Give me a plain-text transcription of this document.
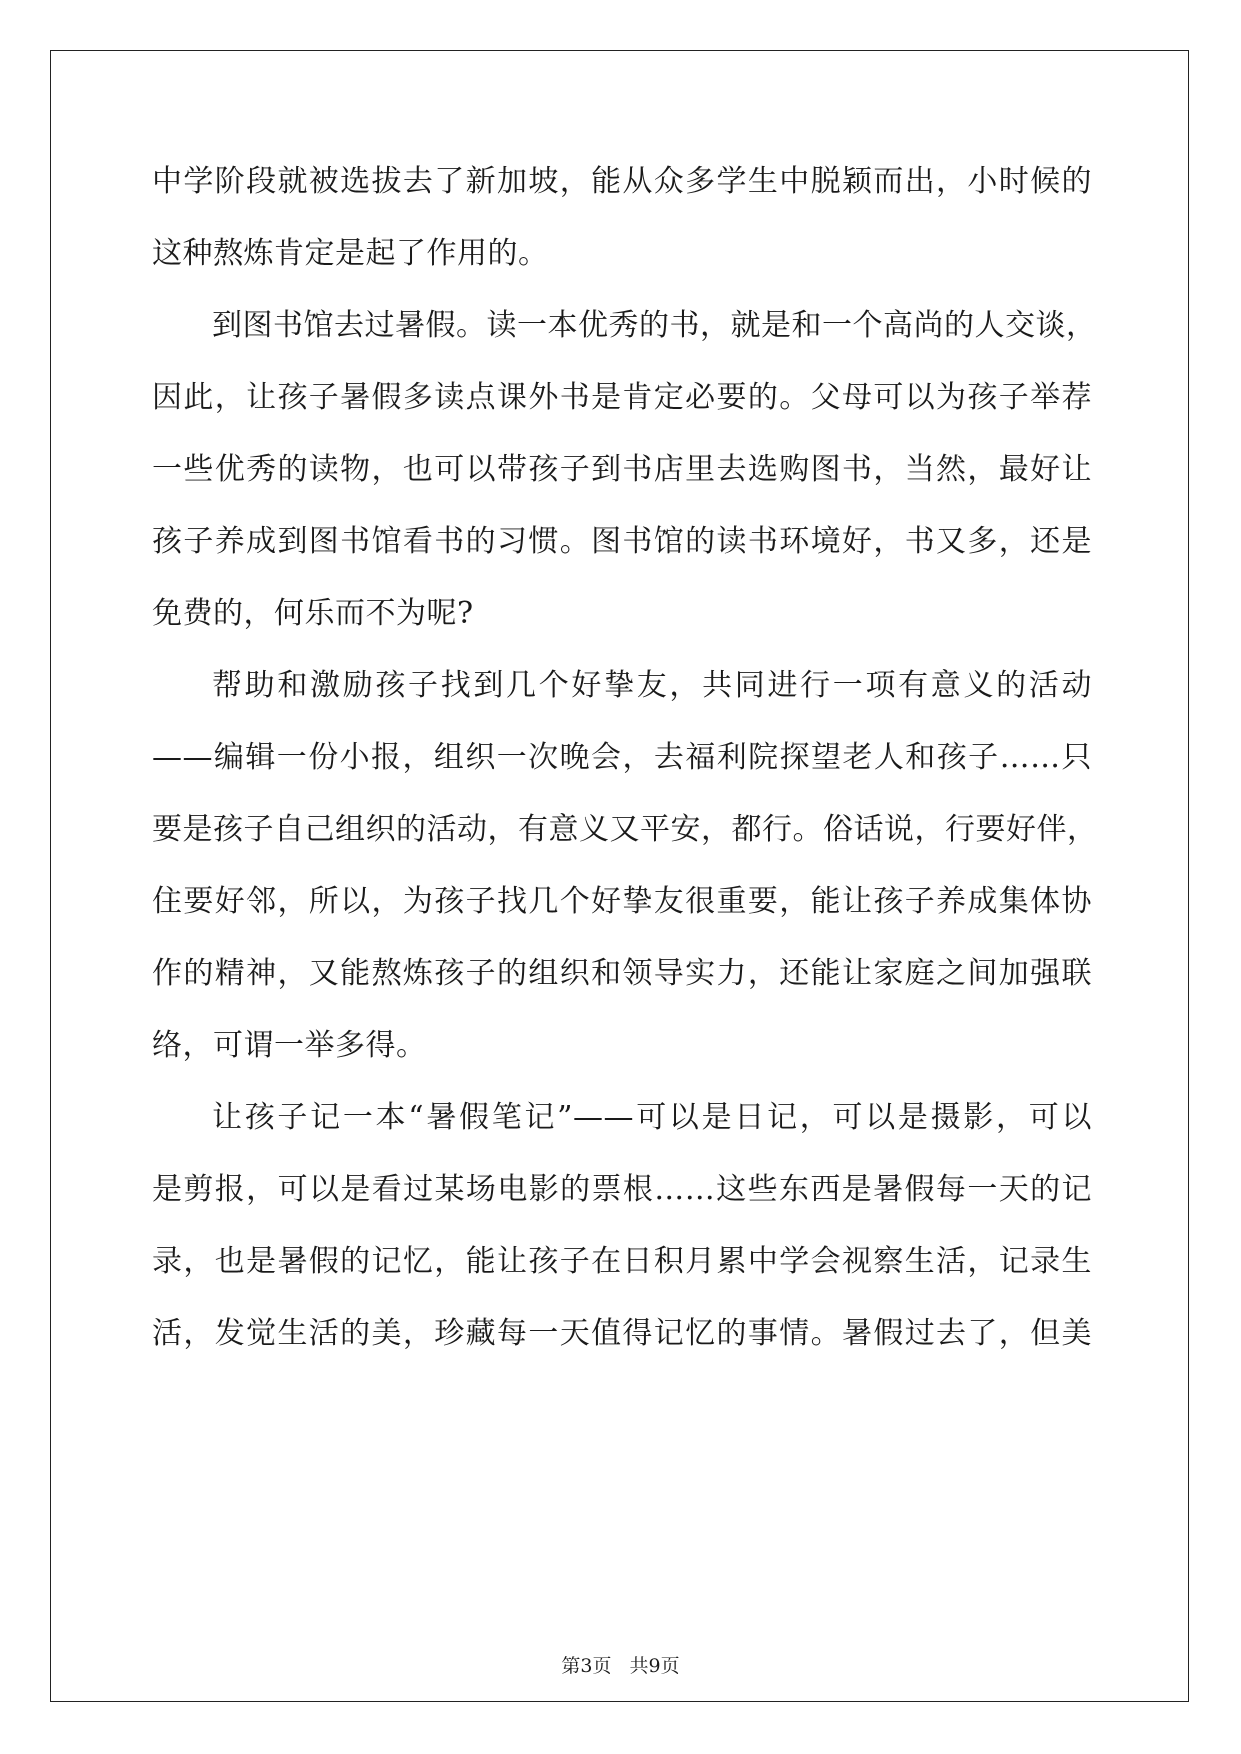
中学阶段就被选拔去了新加坡，能从众多学生中脱颖而出，小时候的
这种熬炼肯定是起了作用的。
到图书馆去过暑假。读一本优秀的书，就是和一个高尚的人交谈，
因此，让孩子暑假多读点课外书是肯定必要的。父母可以为孩子举荐
一些优秀的读物，也可以带孩子到书店里去选购图书，当然，最好让
孩子养成到图书馆看书的习惯。图书馆的读书环境好，书又多，还是
免费的，何乐而不为呢?
帮助和激励孩子找到几个好挚友，共同进行一项有意义的活动
——编辑一份小报，组织一次晚会，去福利院探望老人和孩子……只
要是孩子自己组织的活动，有意义又平安，都行。俗话说，行要好伴，
住要好邻，所以，为孩子找几个好挚友很重要，能让孩子养成集体协
作的精神，又能熬炼孩子的组织和领导实力，还能让家庭之间加强联
络，可谓一举多得。
让孩子记一本“暑假笔记”——可以是日记，可以是摄影，可以
是剪报，可以是看过某场电影的票根……这些东西是暑假每一天的记
录，也是暑假的记忆，能让孩子在日积月累中学会视察生活，记录生
活，发觉生活的美，珍藏每一天值得记忆的事情。暑假过去了，但美
第3页 共9页
